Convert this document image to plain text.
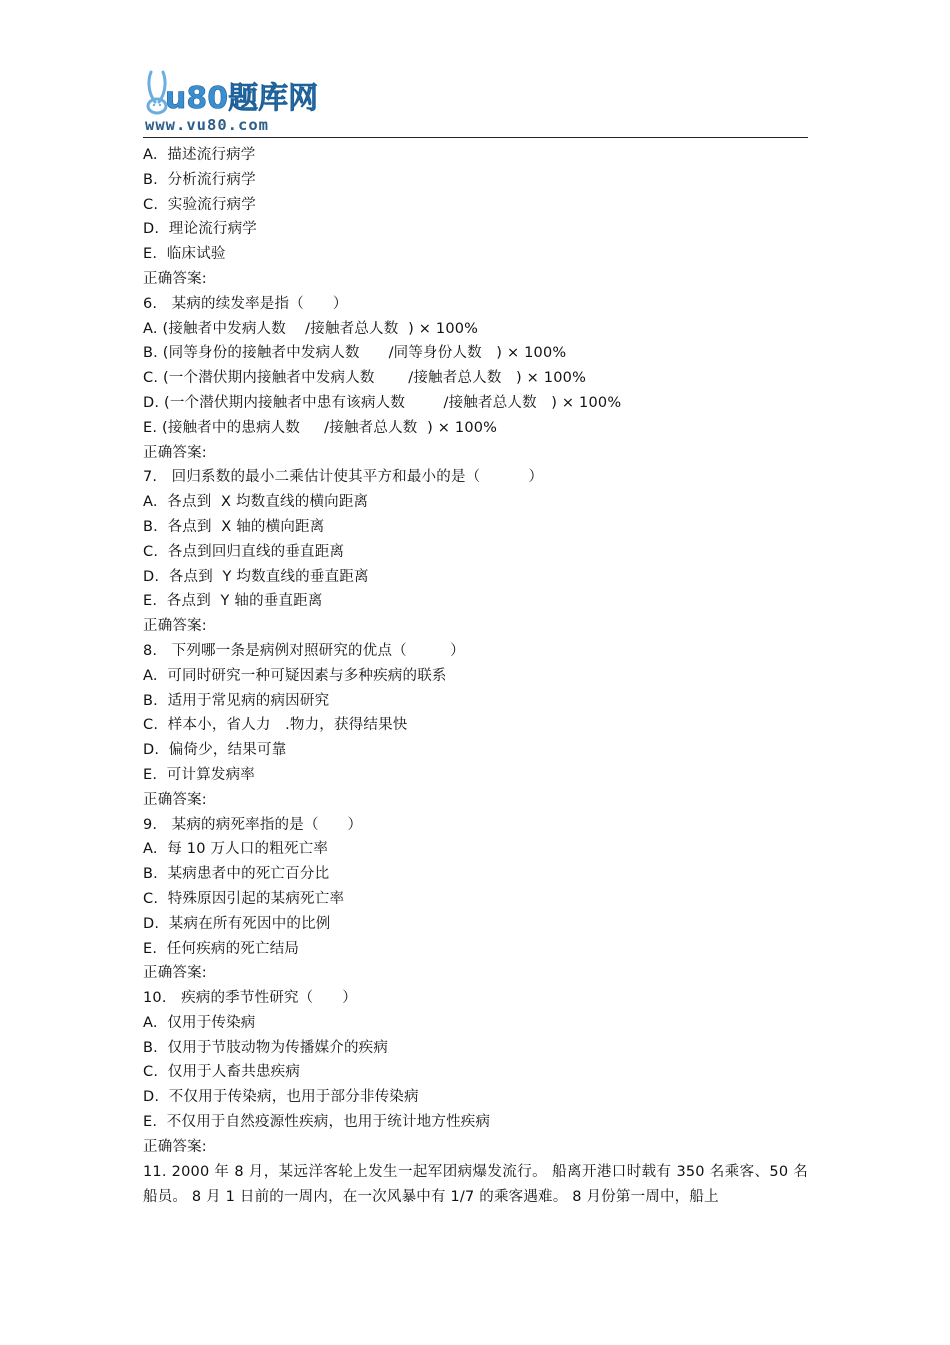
u80题库网
www.vu80.com
A.  描述流行病学
B.  分析流行病学
C.  实验流行病学
D.  理论流行病学
E.  临床试验
正确答案:
6.   某病的续发率是指（      ）
A. (接触者中发病人数    /接触者总人数  ) × 100%
B. (同等身份的接触者中发病人数      /同等身份人数   ) × 100%
C. (一个潜伏期内接触者中发病人数       /接触者总人数   ) × 100%
D. (一个潜伏期内接触者中患有该病人数        /接触者总人数   ) × 100%
E. (接触者中的患病人数     /接触者总人数  ) × 100%
正确答案:
7.   回归系数的最小二乘估计使其平方和最小的是（          ）
A.  各点到  X 均数直线的横向距离
B.  各点到  X 轴的横向距离
C.  各点到回归直线的垂直距离
D.  各点到  Y 均数直线的垂直距离
E.  各点到  Y 轴的垂直距离
正确答案:
8.   下列哪一条是病例对照研究的优点（         ）
A.  可同时研究一种可疑因素与多种疾病的联系
B.  适用于常见病的病因研究
C.  样本小，省人力   .物力，获得结果快
D.  偏倚少，结果可靠
E.  可计算发病率
正确答案:
9.   某病的病死率指的是（      ）
A.  每 10 万人口的粗死亡率
B.  某病患者中的死亡百分比
C.  特殊原因引起的某病死亡率
D.  某病在所有死因中的比例
E.  任何疾病的死亡结局
正确答案:
10.   疾病的季节性研究（      ）
A.  仅用于传染病
B.  仅用于节肢动物为传播媒介的疾病
C.  仅用于人畜共患疾病
D.  不仅用于传染病，也用于部分非传染病
E.  不仅用于自然疫源性疾病，也用于统计地方性疾病
正确答案:
11. 2000 年 8 月，某远洋客轮上发生一起军团病爆发流行。 船离开港口时载有 350 名乘客、50 名船员。 8 月 1 日前的一周内，在一次风暴中有 1/7 的乘客遇难。 8 月份第一周中，船上
